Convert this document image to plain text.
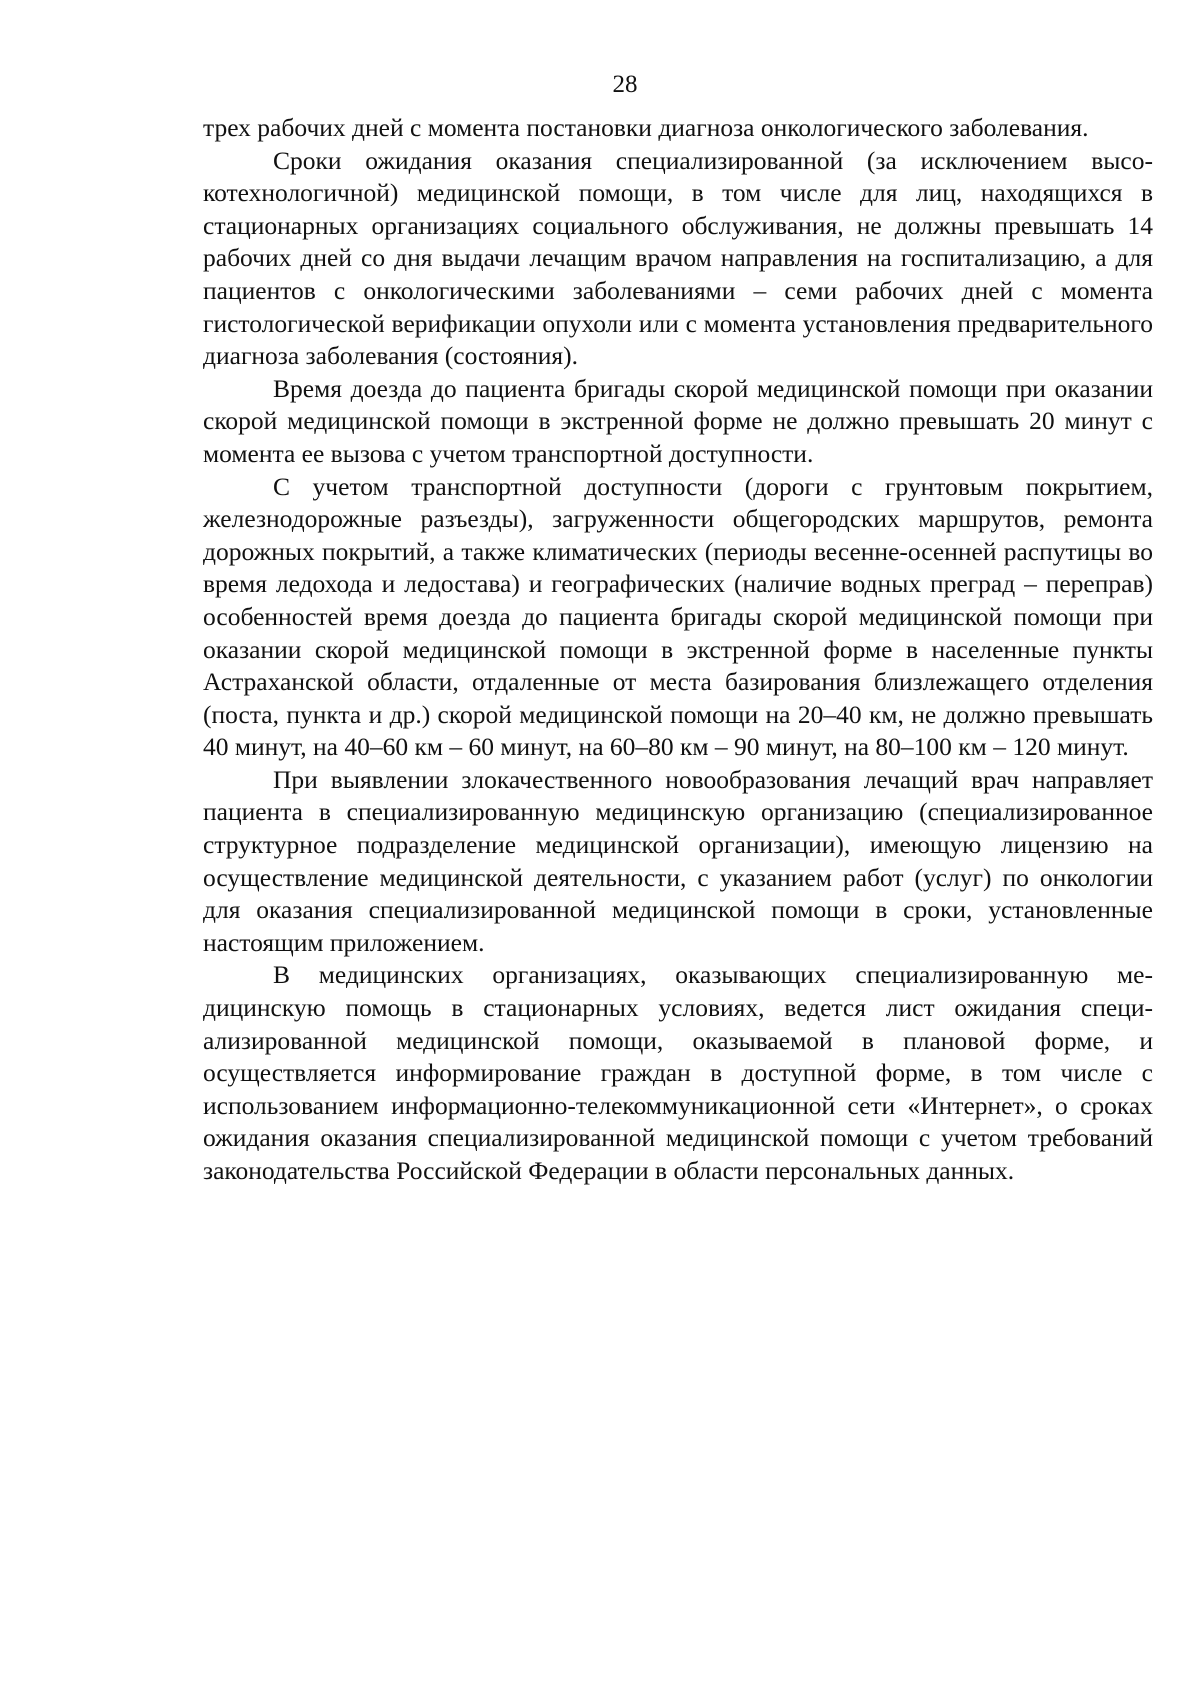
28

трех рабочих дней с момента постановки диагноза онкологического заболевания.

Сроки ожидания оказания специализированной (за исключением высокотехнологичной) медицинской помощи, в том числе для лиц, находящихся в стационарных организациях социального обслуживания, не должны превышать 14 рабочих дней со дня выдачи лечащим врачом направления на госпитализацию, а для пациентов с онкологическими заболеваниями – семи рабочих дней с момента гистологической верификации опухоли или с момента установления предварительного диагноза заболевания (состояния).

Время доезда до пациента бригады скорой медицинской помощи при оказании скорой медицинской помощи в экстренной форме не должно превышать 20 минут с момента ее вызова с учетом транспортной доступности.

С учетом транспортной доступности (дороги с грунтовым покрытием, железнодорожные разъезды), загруженности общегородских маршрутов, ремонта дорожных покрытий, а также климатических (периоды весенне-осенней распутицы во время ледохода и ледостава) и географических (наличие водных преград – переправ) особенностей время доезда до пациента бригады скорой медицинской помощи при оказании скорой медицинской помощи в экстренной форме в населенные пункты Астраханской области, отдаленные от места базирования близлежащего отделения (поста, пункта и др.) скорой медицинской помощи на 20–40 км, не должно превышать 40 минут, на 40–60 км – 60 минут, на 60–80 км – 90 минут, на 80–100 км – 120 минут.

При выявлении злокачественного новообразования лечащий врач направляет пациента в специализированную медицинскую организацию (специализированное структурное подразделение медицинской организации), имеющую лицензию на осуществление медицинской деятельности, с указанием работ (услуг) по онкологии для оказания специализированной медицинской помощи в сроки, установленные настоящим приложением.

В медицинских организациях, оказывающих специализированную медицинскую помощь в стационарных условиях, ведется лист ожидания специализированной медицинской помощи, оказываемой в плановой форме, и осуществляется информирование граждан в доступной форме, в том числе с использованием информационно-телекоммуникационной сети «Интернет», о сроках ожидания оказания специализированной медицинской помощи с учетом требований законодательства Российской Федерации в области персональных данных.
